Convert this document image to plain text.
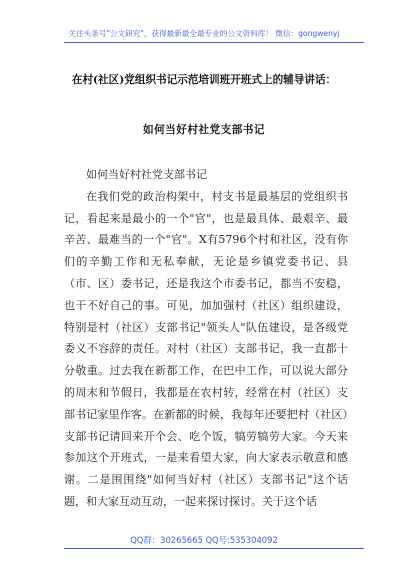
关注头条号"公文研究"，获得最新最全最专业的公文资料库！ 微信：gongwenyj
在村(社区)党组织书记示范培训班开班式上的辅导讲话：
如何当好村社党支部书记

如何当好村社党支部书记

在我们党的政治构架中，村支书是最基层的党组织书记，看起来是最小的一个"官"，也是最具体、最艰辛、最辛苦、最难当的一个"官"。X有5796个村和社区，没有你们的辛勤工作和无私奉献，无论是乡镇党委书记、县（市、区）委书记，还是我这个市委书记，都当不安稳，也干不好自己的事。可见，加加强村（社区）组织建设，特别是村（社区）支部书记"领头人"队伍建设，是各级党委义不容辞的责任。对村（社区）支部书记，我一直都十分敬重。过去我在新都工作，在巴中工作，可以说大部分的周末和节假日，我都是在农村转，经常在村（社区）支部书记家里作客。在新都的时候，我每年还要把村（社区）支部书记请回来开个会、吃个饭，犒劳犒劳大家。今天来参加这个开班式，一是来看望大家，向大家表示敬意和感谢。二是围围绕"如何当好村（社区）支部书记"这个话题，和大家互动互动，一起来探讨探讨。关于这个话

QQ群：30265665 QQ号:535304092
